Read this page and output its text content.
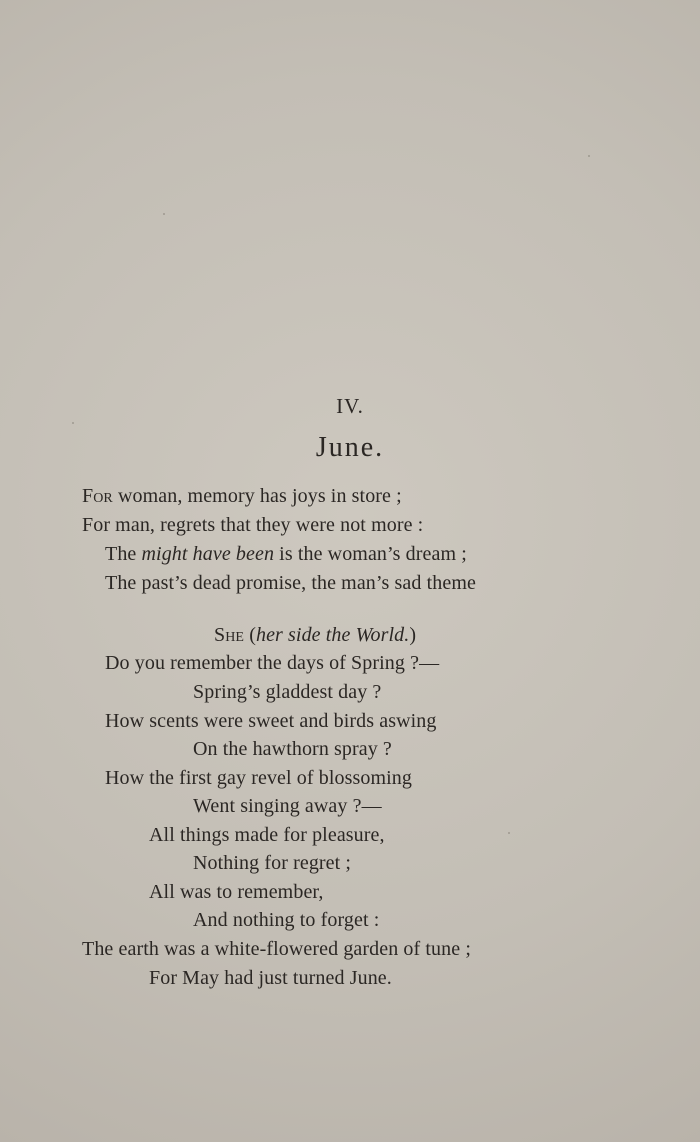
IV.
June.
For woman, memory has joys in store ;
For man, regrets that they were not more :
The might have been is the woman’s dream ;
The past’s dead promise, the man’s sad theme
She (her side the World.)
Do you remember the days of Spring ?—
Spring’s gladdest day ?
How scents were sweet and birds aswing
On the hawthorn spray ?
How the first gay revel of blossoming
Went singing away ?—
All things made for pleasure,
Nothing for regret ;
All was to remember,
And nothing to forget :
The earth was a white-flowered garden of tune ;
For May had just turned June.
